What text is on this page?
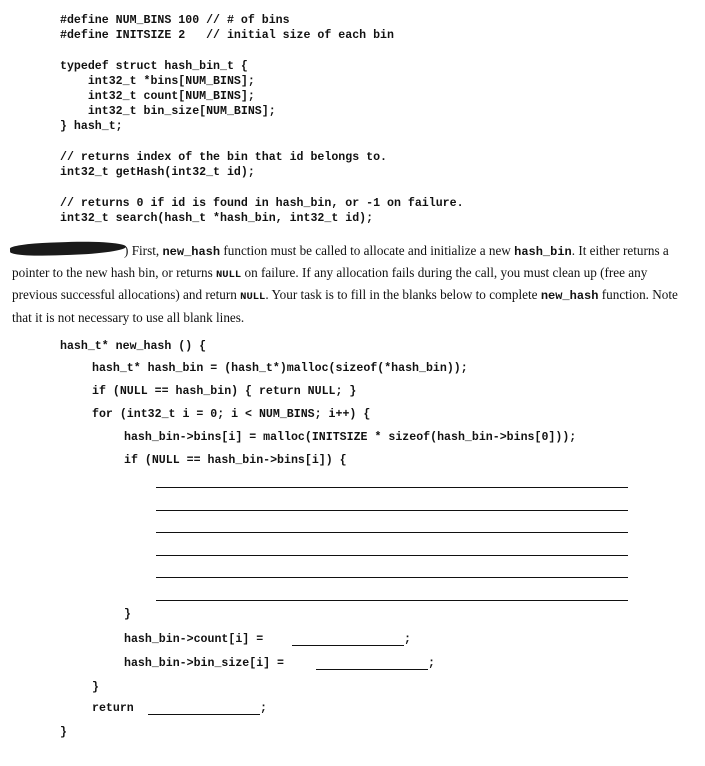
#define NUM_BINS 100 // # of bins
#define INITSIZE 2   // initial size of each bin
typedef struct hash_bin_t {
int32_t *bins[NUM_BINS];
int32_t count[NUM_BINS];
int32_t bin_size[NUM_BINS];
} hash_t;
// returns index of the bin that id belongs to.
int32_t getHash(int32_t id);
// returns 0 if id is found in hash_bin, or -1 on failure.
int32_t search(hash_t *hash_bin, int32_t id);
) First, new_hash function must be called to allocate and initialize a new hash_bin. It either returns a pointer to the new hash bin, or returns NULL on failure. If any allocation fails during the call, you must clean up (free any previous successful allocations) and return NULL. Your task is to fill in the blanks below to complete new_hash function. Note that it is not necessary to use all blank lines.
hash_t* new_hash () {
hash_t* hash_bin = (hash_t*)malloc(sizeof(*hash_bin));
if (NULL == hash_bin) { return NULL; }
for (int32_t i = 0; i < NUM_BINS; i++) {
hash_bin->bins[i] = malloc(INITSIZE * sizeof(hash_bin->bins[0]));
if (NULL == hash_bin->bins[i]) {
}
hash_bin->count[i] =	;
hash_bin->bin_size[i] =	;
}
return	;
}
